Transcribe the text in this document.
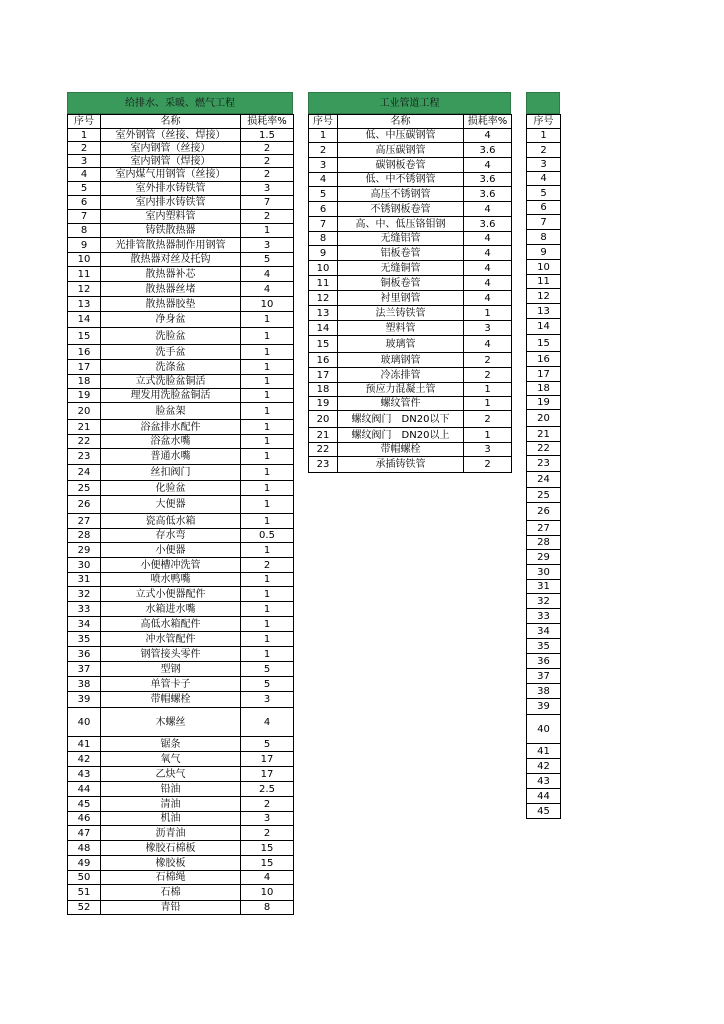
给排水、采暖、燃气工程
序号	名称	损耗率%
1	室外钢管（丝接、焊接）	1.5
2	室内钢管（丝接）	2
3	室内钢管（焊接）	2
4	室内煤气用钢管（丝接）	2
5	室外排水铸铁管	3
6	室内排水铸铁管	7
7	室内塑料管	2
8	铸铁散热器	1
9	光排管散热器制作用钢管	3
10	散热器对丝及托钩	5
11	散热器补芯	4
12	散热器丝堵	4
13	散热器胶垫	10
14	净身盆	1
15	洗脸盆	1
16	洗手盆	1
17	洗涤盆	1
18	立式洗脸盆铜活	1
19	理发用洗脸盆铜活	1
20	脸盆架	1
21	浴盆排水配件	1
22	浴盆水嘴	1
23	普通水嘴	1
24	丝扣阀门	1
25	化验盆	1
26	大便器	1
27	瓷高低水箱	1
28	存水弯	0.5
29	小便器	1
30	小便槽冲洗管	2
31	喷水鸭嘴	1
32	立式小便器配件	1
33	水箱进水嘴	1
34	高低水箱配件	1
35	冲水管配件	1
36	钢管接头零件	1
37	型钢	5
38	单管卡子	5
39	带帽螺栓	3
40	木螺丝	4
41	锯条	5
42	氧气	17
43	乙炔气	17
44	铅油	2.5
45	清油	2
46	机油	3
47	沥青油	2
48	橡胶石棉板	15
49	橡胶板	15
50	石棉绳	4
51	石棉	10
52	青铅	8
工业管道工程
序号	名称	损耗率%
1	低、中压碳钢管	4
2	高压碳钢管	3.6
3	碳钢板卷管	4
4	低、中不锈钢管	3.6
5	高压不锈钢管	3.6
6	不锈钢板卷管	4
7	高、中、低压铬钼钢	3.6
8	无缝铝管	4
9	铝板卷管	4
10	无缝铜管	4
11	铜板卷管	4
12	衬里钢管	4
13	法兰铸铁管	1
14	塑料管	3
15	玻璃管	4
16	玻璃钢管	2
17	冷冻排管	2
18	预应力混凝土管	1
19	螺纹管件	1
20	螺纹阀门　DN20以下	2
21	螺纹阀门　DN20以上	1
22	带帽螺栓	3
23	承插铸铁管	2
序号
1
2
3
4
5
6
7
8
9
10
11
12
13
14
15
16
17
18
19
20
21
22
23
24
25
26
27
28
29
30
31
32
33
34
35
36
37
38
39
40
41
42
43
44
45
